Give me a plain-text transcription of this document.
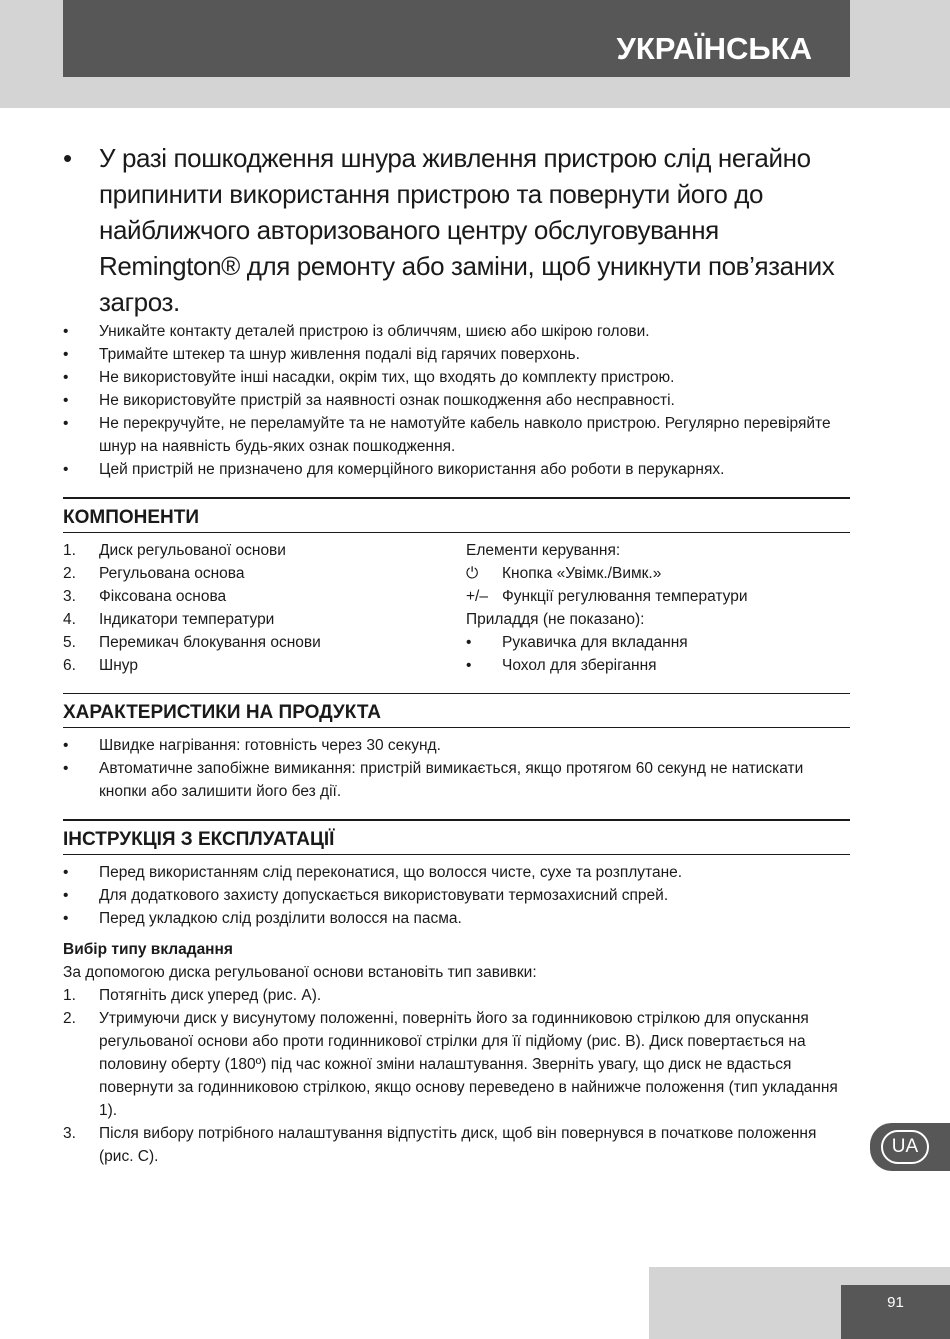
УКРАЇНСЬКА
• У разі пошкодження шнура живлення пристрою слід негайно припинити використання пристрою та повернути його до найближчого авторизованого центру обслуговування Remington® для ремонту або заміни, щоб уникнути пов’язаних загроз.
• Уникайте контакту деталей пристрою із обличчям, шиєю або шкірою голови.
• Тримайте штекер та шнур живлення подалі від гарячих поверхонь.
• Не використовуйте інші насадки, окрім тих, що входять до комплекту пристрою.
• Не використовуйте пристрій за наявності ознак пошкодження або несправності.
• Не перекручуйте, не переламуйте та не намотуйте кабель навколо пристрою. Регулярно перевіряйте шнур на наявність будь-яких ознак пошкодження.
• Цей пристрій не призначено для комерційного використання або роботи в перукарнях.
КОМПОНЕНТИ
1. Диск регульованої основи
2. Регульована основа
3. Фіксована основа
4. Індикатори температури
5. Перемикач блокування основи
6. Шнур
Елементи керування:
⏻ Кнопка «Увімк./Вимк.»
+/– Функції регулювання температури
Приладдя (не показано):
• Рукавичка для вкладання
• Чохол для зберігання
ХАРАКТЕРИСТИКИ НА ПРОДУКТА
• Швидке нагрівання: готовність через 30 секунд.
• Автоматичне запобіжне вимикання: пристрій вимикається, якщо протягом 60 секунд не натискати кнопки або залишити його без дії.
ІНСТРУКЦІЯ З ЕКСПЛУАТАЦІЇ
• Перед використанням слід переконатися, що волосся чисте, сухе та розплутане.
• Для додаткового захисту допускається використовувати термозахисний спрей.
• Перед укладкою слід розділити волосся на пасма.
Вибір типу вкладання
За допомогою диска регульованої основи встановіть тип завивки:
1. Потягніть диск уперед (рис. A).
2. Утримуючи диск у висунутому положенні, поверніть його за годинниковою стрілкою для опускання регульованої основи або проти годинникової стрілки для її підйому (рис. B). Диск повертається на половину оберту (180º) під час кожної зміни налаштування. Зверніть увагу, що диск не вдасться повернути за годинниковою стрілкою, якщо основу переведено в найнижче положення (тип укладання 1).
3. Після вибору потрібного налаштування відпустіть диск, щоб він повернувся в початкове положення (рис. C).	UA
91
